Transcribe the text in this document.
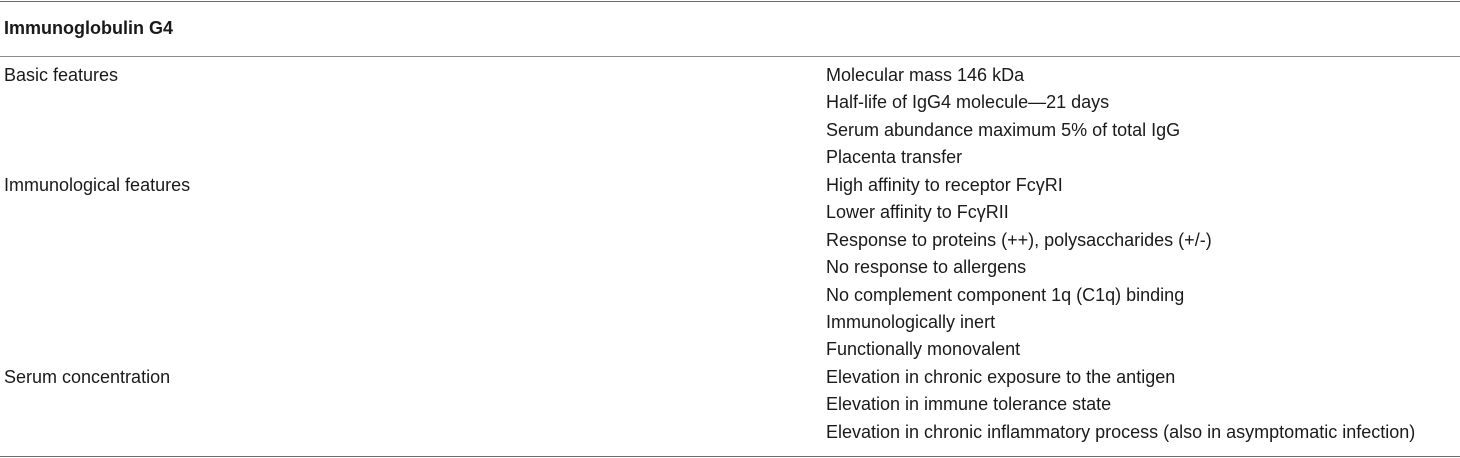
Immunoglobulin G4
Basic features	Molecular mass 146 kDa
Half-life of IgG4 molecule—21 days
Serum abundance maximum 5% of total IgG
Placenta transfer
Immunological features	High affinity to receptor FcγRI
Lower affinity to FcγRII
Response to proteins (++), polysaccharides (+/-)
No response to allergens
No complement component 1q (C1q) binding
Immunologically inert
Functionally monovalent
Serum concentration	Elevation in chronic exposure to the antigen
Elevation in immune tolerance state
Elevation in chronic inflammatory process (also in asymptomatic infection)
